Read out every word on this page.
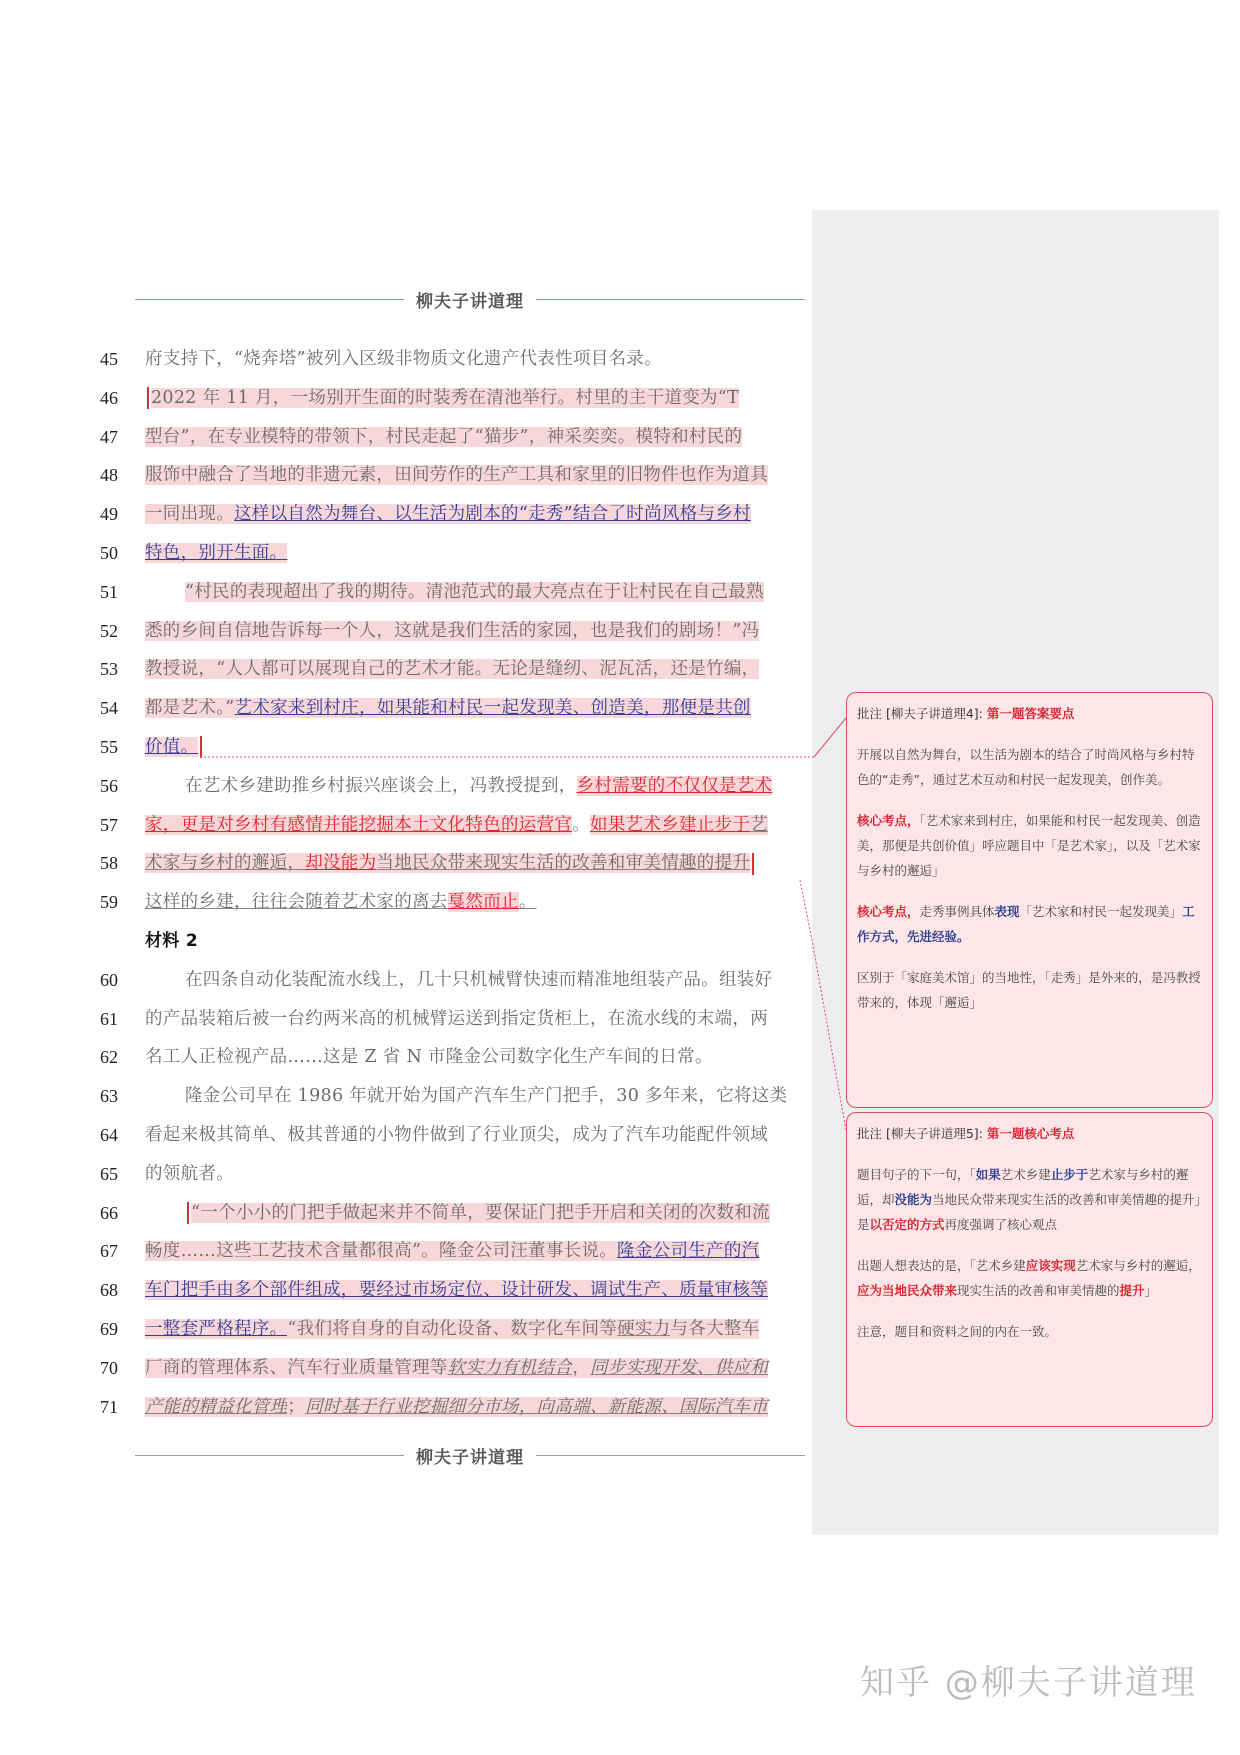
柳夫子讲道理
45 府支持下，“烧奔塔”被列入区级非物质文化遗产代表性项目名录。
46	2022 年 11 月，一场别开生面的时装秀在清池举行。村里的主干道变为“T
47 型台”，在专业模特的带领下，村民走起了“猫步”，神采奕奕。模特和村民的
48 服饰中融合了当地的非遗元素，田间劳作的生产工具和家里的旧物件也作为道具
49 一同出现。这样以自然为舞台、以生活为剧本的“走秀”结合了时尚风格与乡村
50 特色，别开生面。
51	“村民的表现超出了我的期待。清池范式的最大亮点在于让村民在自己最熟
52 悉的乡间自信地告诉每一个人，这就是我们生活的家园，也是我们的剧场！”冯
53 教授说，“人人都可以展现自己的艺术才能。无论是缝纫、泥瓦活，还是竹编，
54 都是艺术。”艺术家来到村庄，如果能和村民一起发现美、创造美，那便是共创
55 价值。
56	在艺术乡建助推乡村振兴座谈会上，冯教授提到，乡村需要的不仅仅是艺术
57 家，更是对乡村有感情并能挖掘本土文化特色的运营官。如果艺术乡建止步于艺
58 术家与乡村的邂逅，却没能为当地民众带来现实生活的改善和审美情趣的提升
59 这样的乡建，往往会随着艺术家的离去戛然而止。
材料 2
60	在四条自动化装配流水线上，几十只机械臂快速而精准地组装产品。组装好
61 的产品装箱后被一台约两米高的机械臂运送到指定货柜上，在流水线的末端，两
62 名工人正检视产品……这是 Z 省 N 市隆金公司数字化生产车间的日常。
63	隆金公司早在 1986 年就开始为国产汽车生产门把手，30 多年来，它将这类
64 看起来极其简单、极其普通的小物件做到了行业顶尖，成为了汽车功能配件领域
65 的领航者。
66	“一个小小的门把手做起来并不简单，要保证门把手开启和关闭的次数和流
67 畅度……这些工艺技术含量都很高”。隆金公司汪董事长说。隆金公司生产的汽
68 车门把手由多个部件组成，要经过市场定位、设计研发、调试生产、质量审核等
69 一整套严格程序。“我们将自身的自动化设备、数字化车间等硬实力与各大整车
70 厂商的管理体系、汽车行业质量管理等软实力有机结合，同步实现开发、供应和
71 产能的精益化管理；同时基于行业挖掘细分市场，向高端、新能源、国际汽车市
柳夫子讲道理

批注 [柳夫子讲道理4]: 第一题答案要点

开展以自然为舞台，以生活为剧本的结合了时尚风格与乡村特色的“走秀”，通过艺术互动和村民一起发现美，创作美。

核心考点，「艺术家来到村庄，如果能和村民一起发现美、创造美，那便是共创价值」呼应题目中「是艺术家」，以及「艺术家与乡村的邂逅」

核心考点，走秀事例具体表现「艺术家和村民一起发现美」工作方式，先进经验。

区别于「家庭美术馆」的当地性，「走秀」是外来的，是冯教授带来的，体现「邂逅」

批注 [柳夫子讲道理5]: 第一题核心考点

题目句子的下一句，「如果艺术乡建止步于艺术家与乡村的邂逅，却没能为当地民众带来现实生活的改善和审美情趣的提升」是以否定的方式再度强调了核心观点

出题人想表达的是，「艺术乡建应该实现艺术家与乡村的邂逅，应为当地民众带来现实生活的改善和审美情趣的提升」

注意，题目和资料之间的内在一致。

知乎 @柳夫子讲道理
